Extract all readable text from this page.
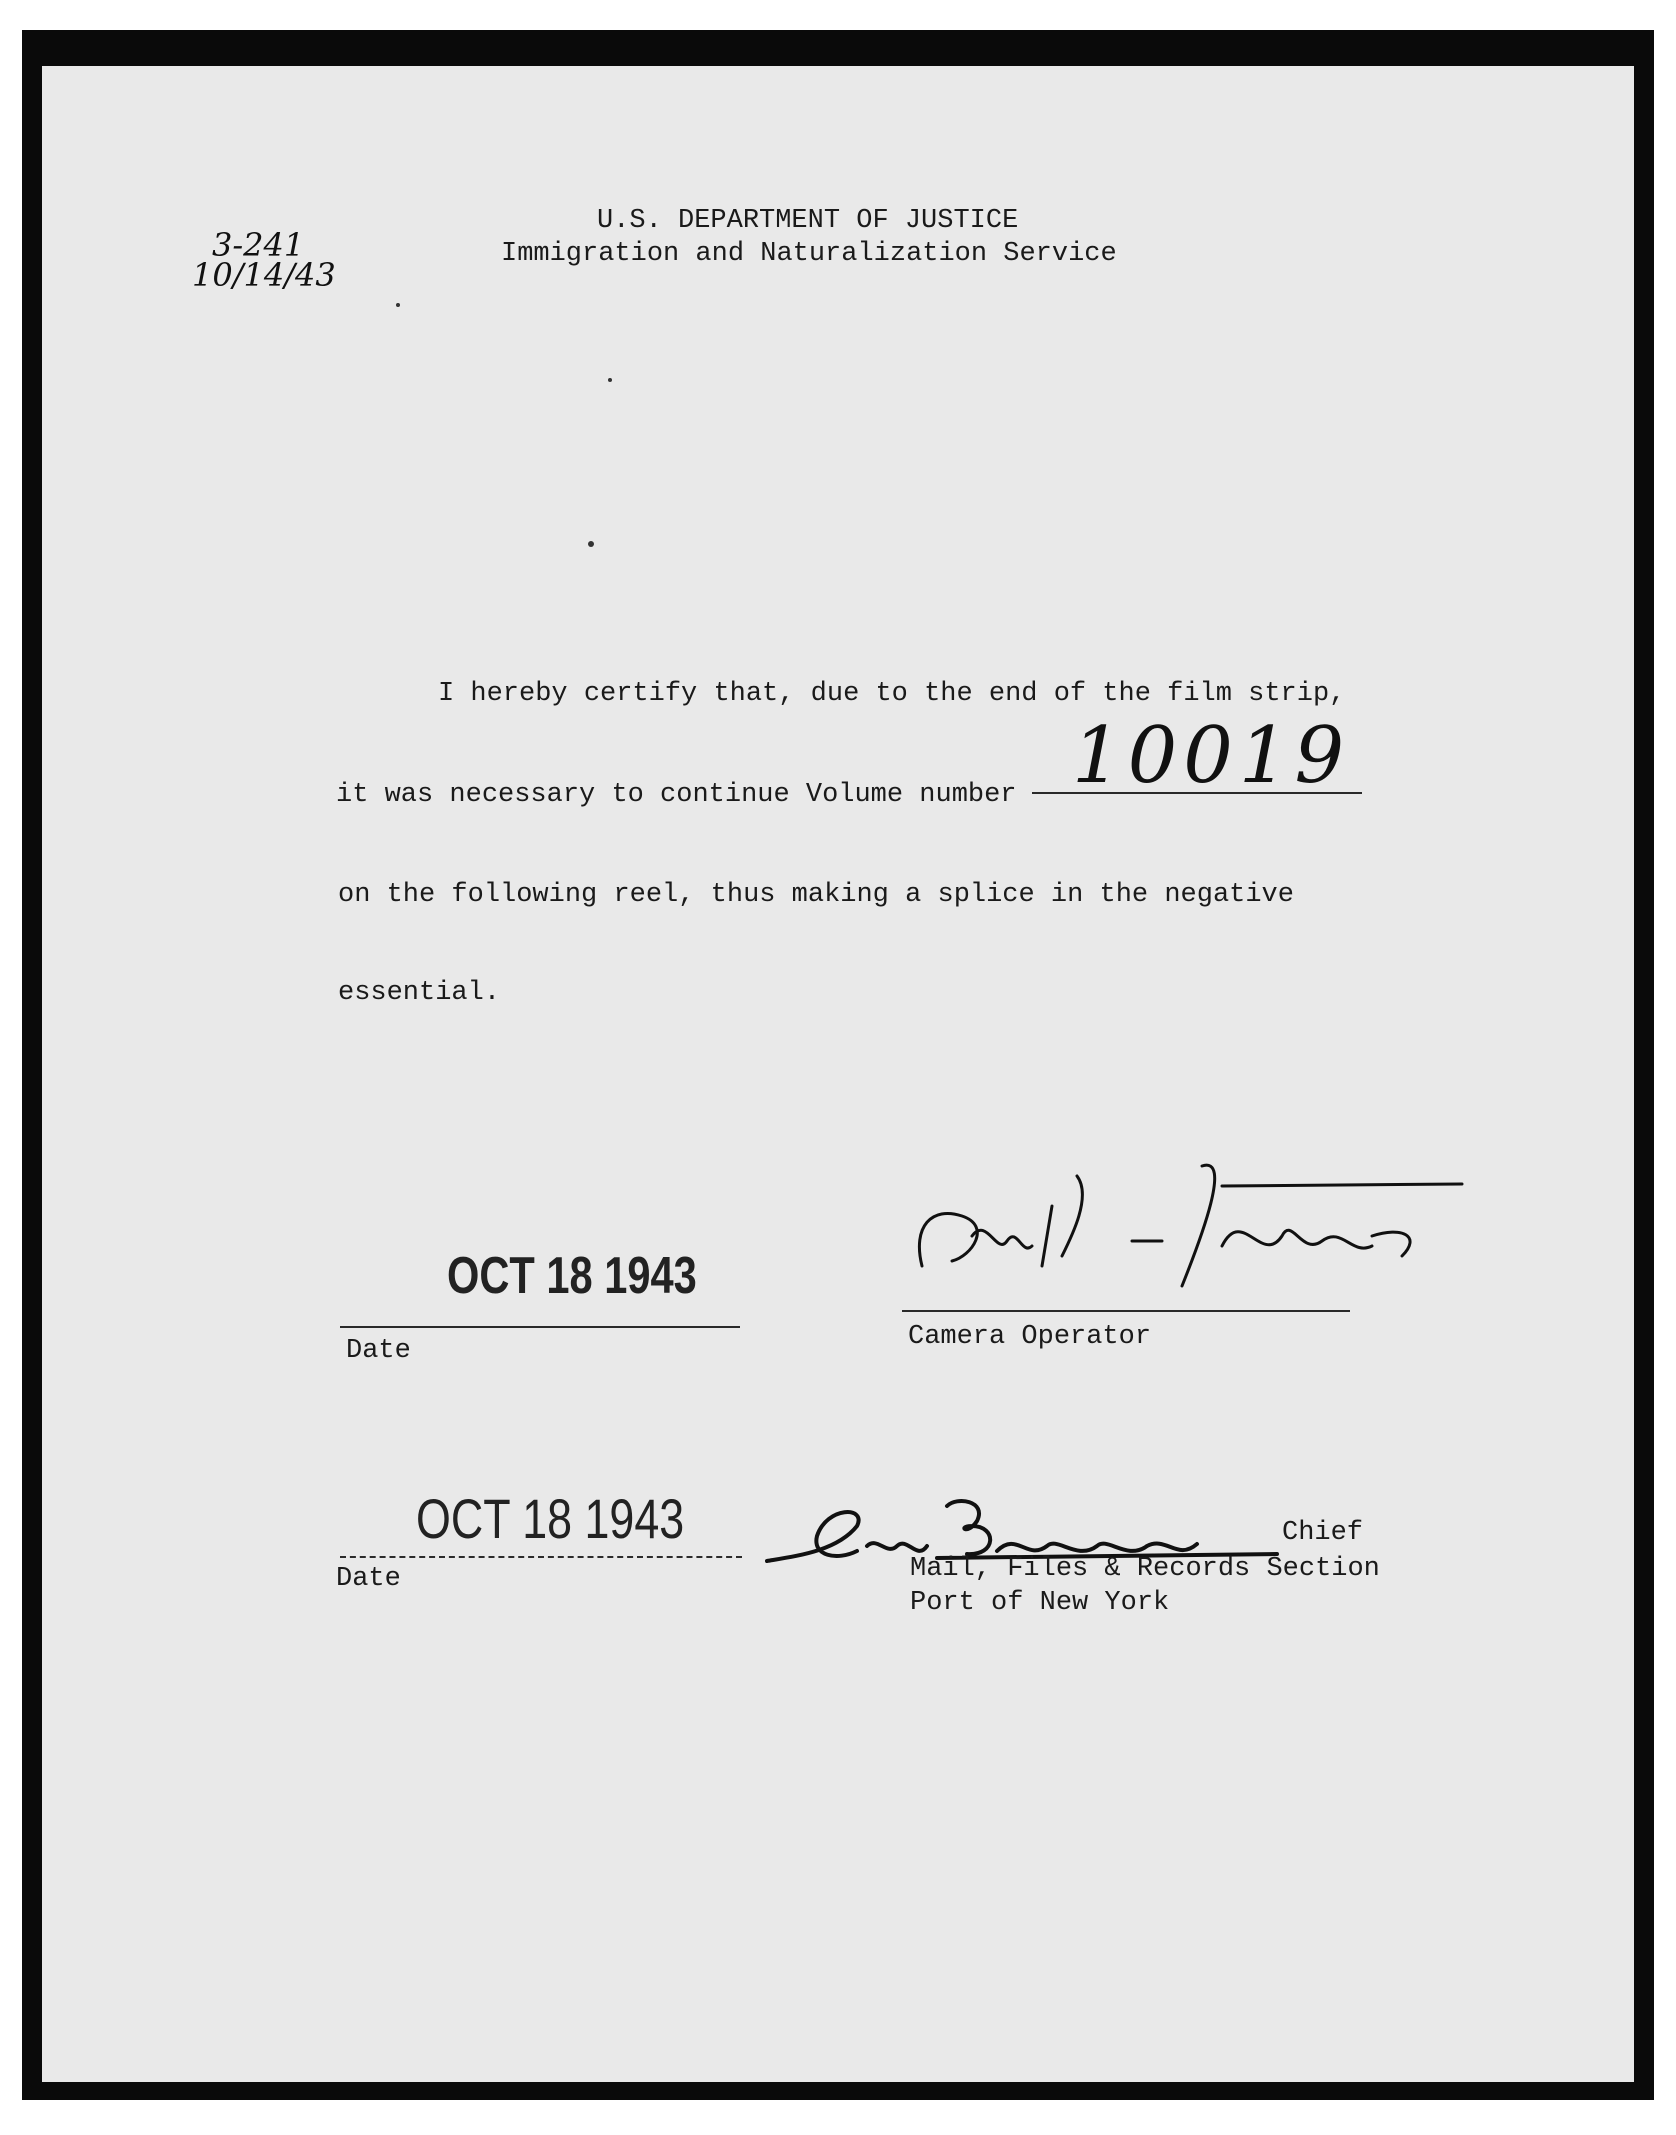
3-241
10/14/43
U.S. DEPARTMENT OF JUSTICE
Immigration and Naturalization Service
I hereby certify that, due to the end of the film strip,
it was necessary to continue Volume number 10019
on the following reel, thus making a splice in the negative
essential.
OCT 18 1943
Date	Camera Operator
OCT 18 1943
Date
Chief
Mail, Files & Records Section
Port of New York
